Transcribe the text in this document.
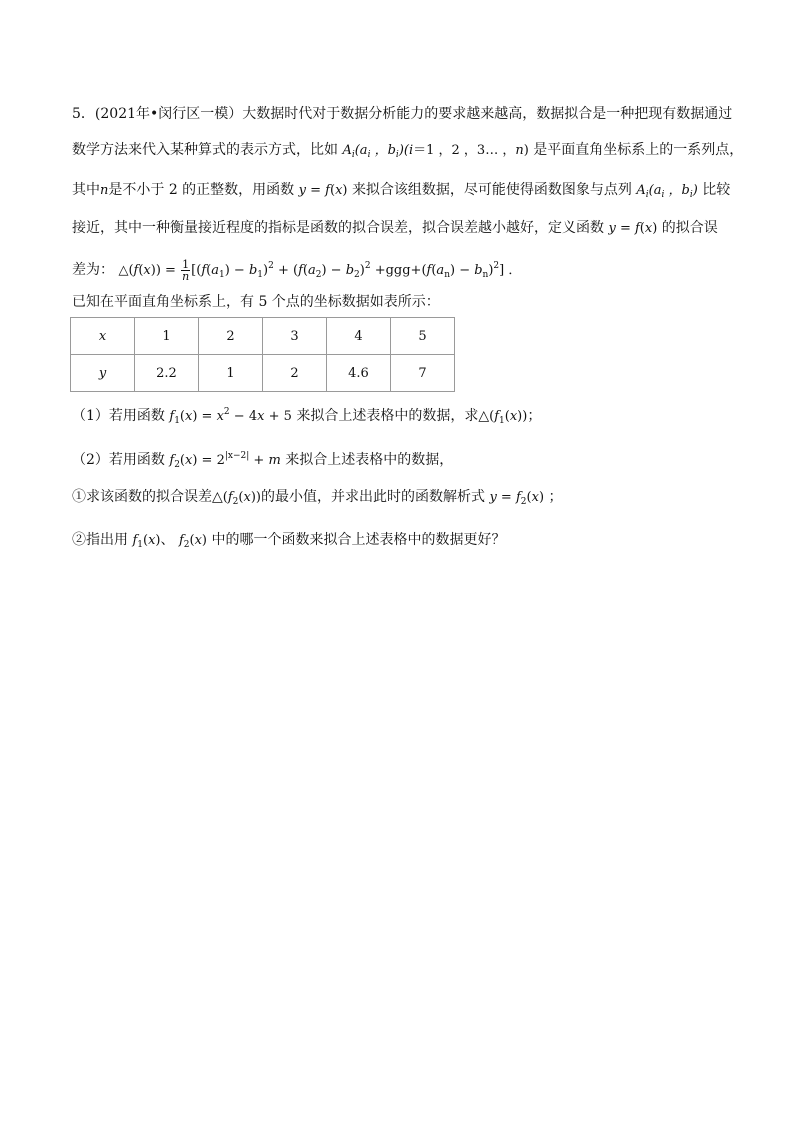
5．(2021年•闵行区一模）大数据时代对于数据分析能力的要求越来越高，数据拟合是一种把现有数据通过
数学方法来代入某种算式的表示方式，比如 $A_i(a_i$ ，$b_i)(i=1$ ，2 ，3… ，n) 是平面直角坐标系上的一系列点，
其中n是不小于 2 的正整数，用函数 y = f(x) 来拟合该组数据，尽可能使得函数图象与点列 $A_i(a_i$ ，$b_i$) 比较
接近，其中一种衡量接近程度的指标是函数的拟合误差，拟合误差越小越好，定义函数 y = f(x) 的拟合误
差为： △(f(x)) = $\frac{1}{n} [(f(a_1) - b_1)^2 + (f(a_2) - b_2)^2 +ggg+(f(a_n) - b_n)^2]$ ．
已知在平面直角坐标系上，有 5 个点的坐标数据如表所示：
x	1	2	3	4	5
y	2.2	1	2	4.6	7
（1）若用函数 $f_1(x) = x^2 - 4x + 5$ 来拟合上述表格中的数据，求$\triangle(f_1(x))$；
（2）若用函数 $f_2(x) = 2^{|x-2|} + m$ 来拟合上述表格中的数据，
①求该函数的拟合误差$\triangle(f_2(x))$的最小值，并求出此时的函数解析式 $y = f_2(x)$ ；
②指出用 $f_1(x)$、 $f_2(x)$ 中的哪一个函数来拟合上述表格中的数据更好？
